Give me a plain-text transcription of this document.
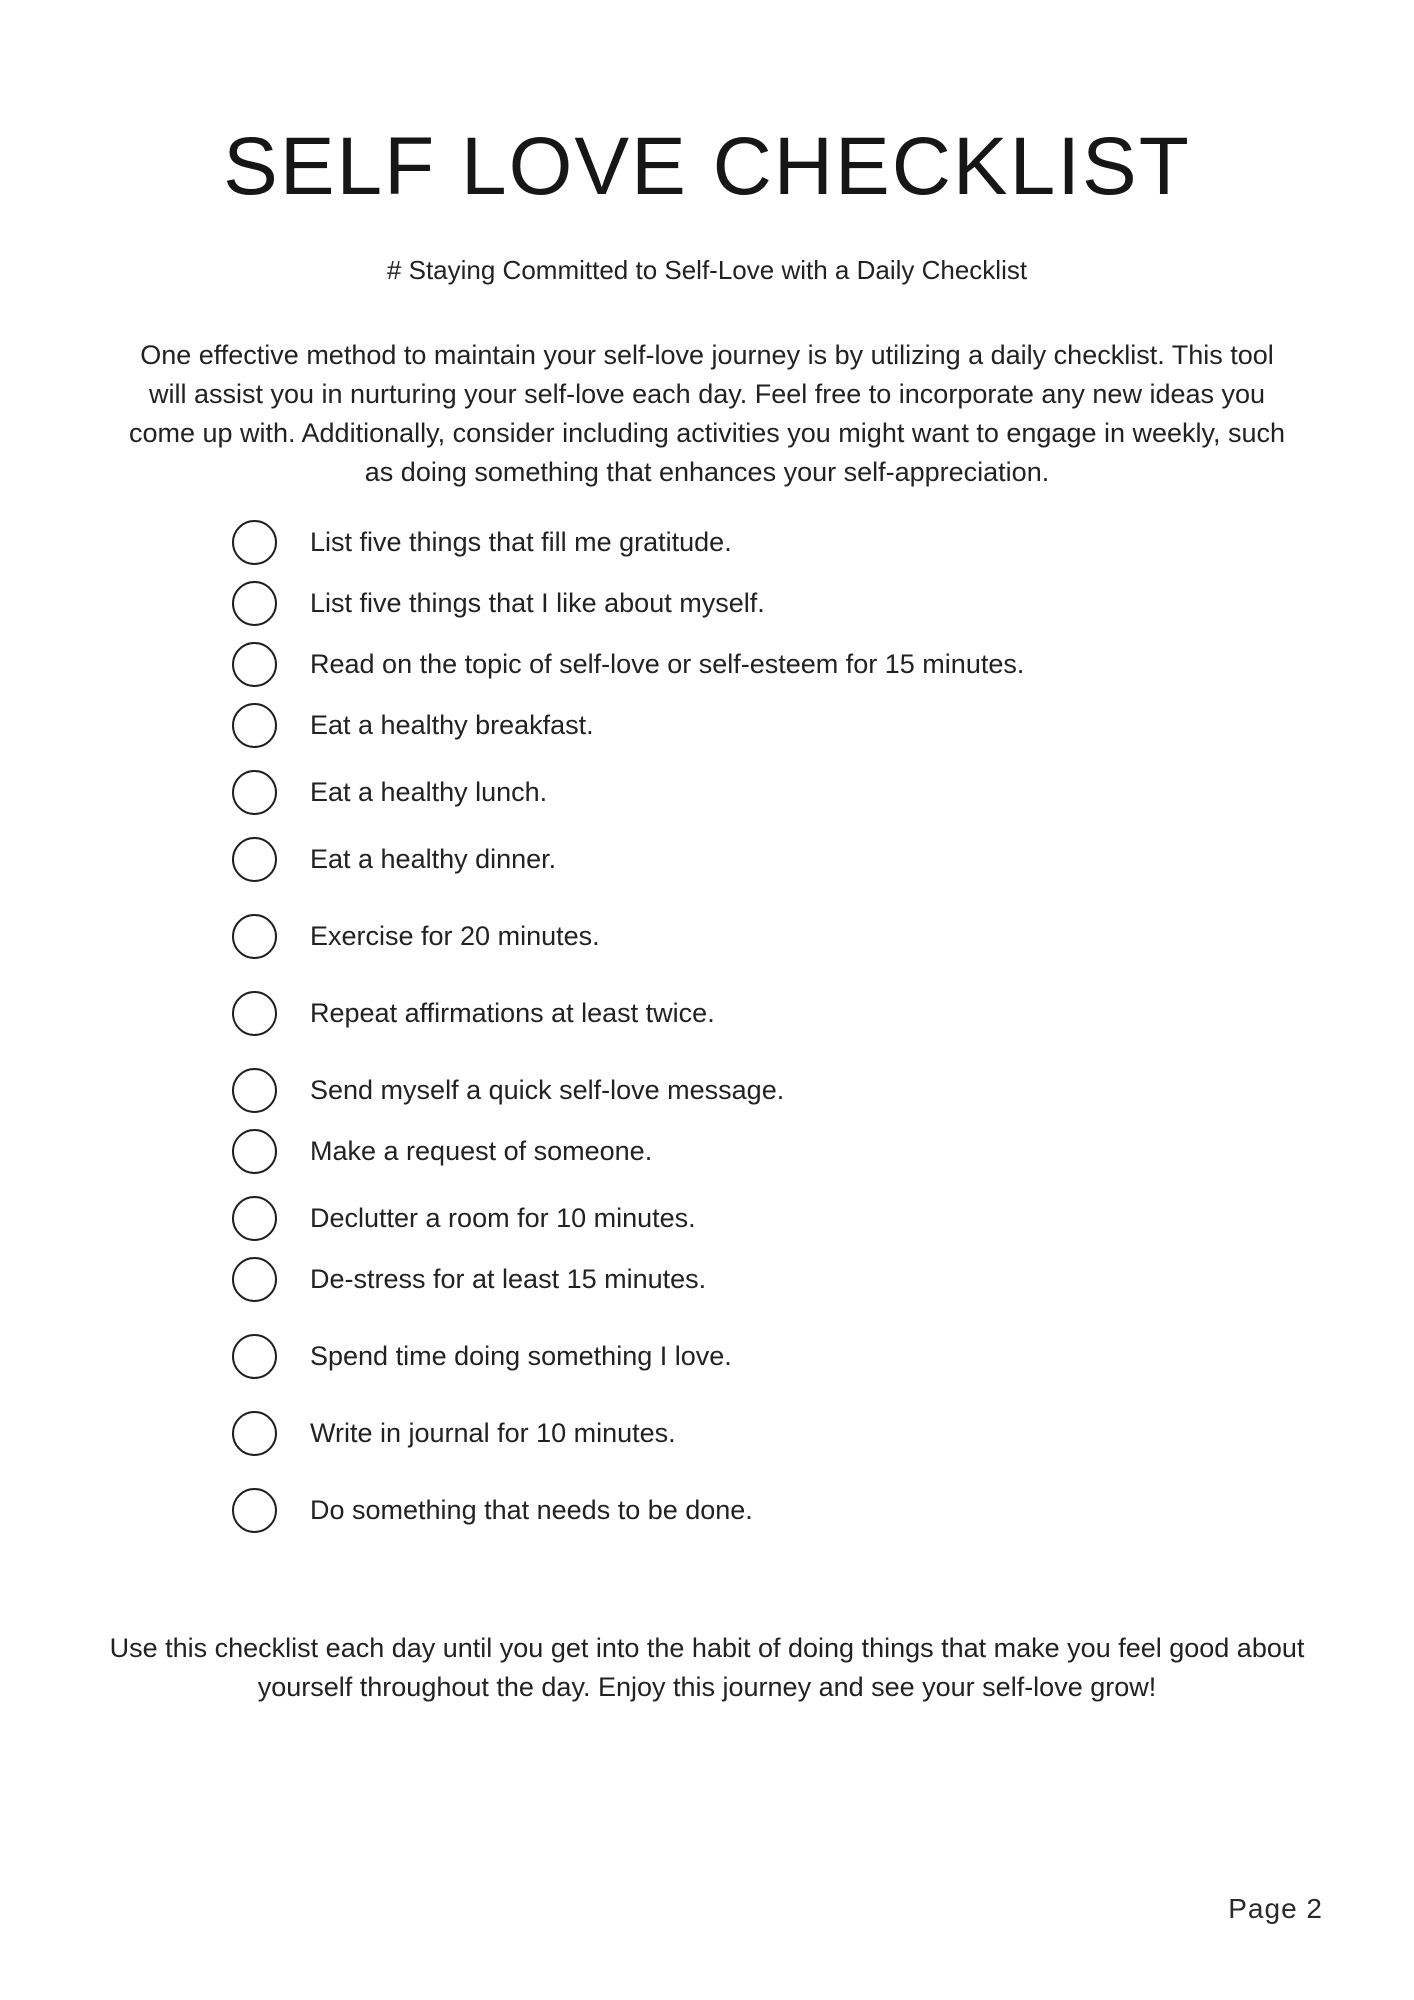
SELF LOVE CHECKLIST
# Staying Committed to Self-Love with a Daily Checklist

One effective method to maintain your self-love journey is by utilizing a daily checklist. This tool will assist you in nurturing your self-love each day. Feel free to incorporate any new ideas you come up with. Additionally, consider including activities you might want to engage in weekly, such as doing something that enhances your self-appreciation.

List five things that fill me gratitude.
List five things that I like about myself.
Read on the topic of self-love or self-esteem for 15 minutes.
Eat a healthy breakfast.
Eat a healthy lunch.
Eat a healthy dinner.
Exercise for 20 minutes.
Repeat affirmations at least twice.
Send myself a quick self-love message.
Make a request of someone.
Declutter a room for 10 minutes.
De-stress for at least 15 minutes.
Spend time doing something I love.
Write in journal for 10 minutes.
Do something that needs to be done.

Use this checklist each day until you get into the habit of doing things that make you feel good about yourself throughout the day. Enjoy this journey and see your self-love grow!

Page 2
